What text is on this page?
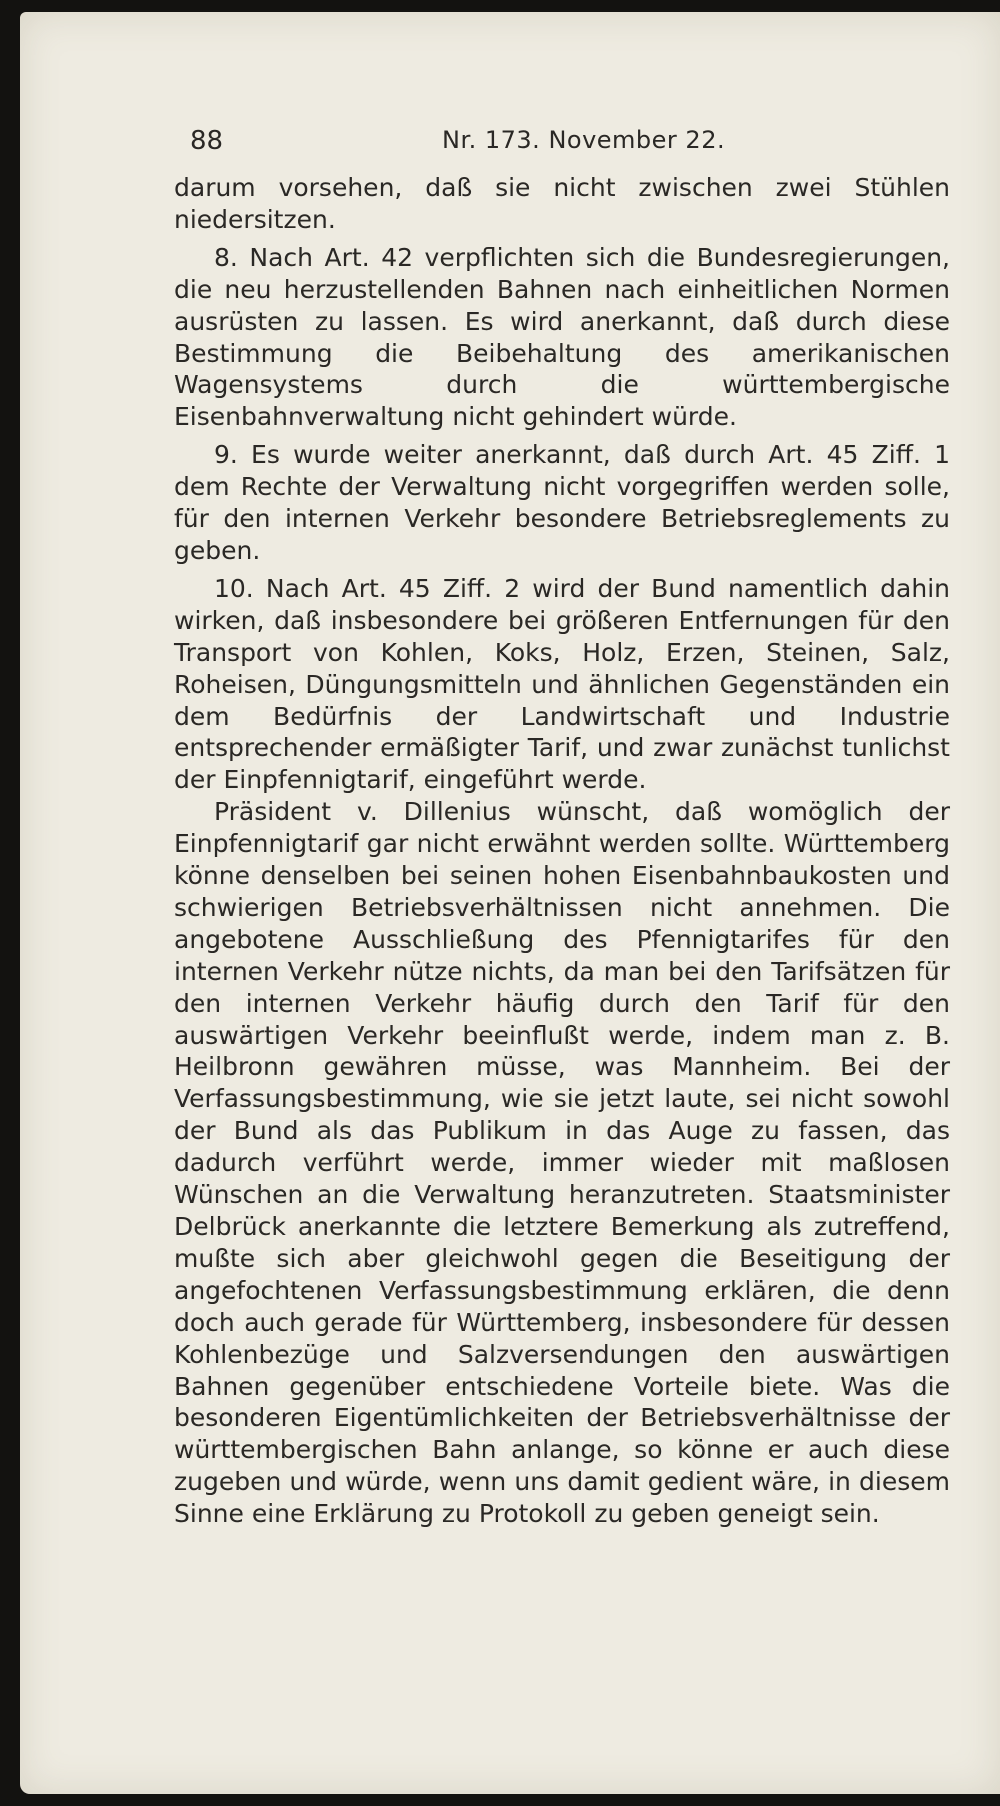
88	Nr. 173. November 22.

darum vorsehen, daß sie nicht zwischen zwei Stühlen niedersitzen.

8. Nach Art. 42 verpflichten sich die Bundesregierungen, die neu herzustellenden Bahnen nach einheitlichen Normen ausrüsten zu lassen. Es wird anerkannt, daß durch diese Bestimmung die Beibehaltung des amerikanischen Wagensystems durch die württembergische Eisenbahnverwaltung nicht gehindert würde.

9. Es wurde weiter anerkannt, daß durch Art. 45 Ziff. 1 dem Rechte der Verwaltung nicht vorgegriffen werden solle, für den internen Verkehr besondere Betriebsreglements zu geben.

10. Nach Art. 45 Ziff. 2 wird der Bund namentlich dahin wirken, daß insbesondere bei größeren Entfernungen für den Transport von Kohlen, Koks, Holz, Erzen, Steinen, Salz, Roheisen, Düngungsmitteln und ähnlichen Gegenständen ein dem Bedürfnis der Landwirtschaft und Industrie entsprechender ermäßigter Tarif, und zwar zunächst tunlichst der Einpfennigtarif, eingeführt werde.

Präsident v. Dillenius wünscht, daß womöglich der Einpfennigtarif gar nicht erwähnt werden sollte. Württemberg könne denselben bei seinen hohen Eisenbahnbaukosten und schwierigen Betriebsverhältnissen nicht annehmen. Die angebotene Ausschließung des Pfennigtarifes für den internen Verkehr nütze nichts, da man bei den Tarifsätzen für den internen Verkehr häufig durch den Tarif für den auswärtigen Verkehr beeinflußt werde, indem man z. B. Heilbronn gewähren müsse, was Mannheim. Bei der Verfassungsbestimmung, wie sie jetzt laute, sei nicht sowohl der Bund als das Publikum in das Auge zu fassen, das dadurch verführt werde, immer wieder mit maßlosen Wünschen an die Verwaltung heranzutreten. Staatsminister Delbrück anerkannte die letztere Bemerkung als zutreffend, mußte sich aber gleichwohl gegen die Beseitigung der angefochtenen Verfassungsbestimmung erklären, die denn doch auch gerade für Württemberg, insbesondere für dessen Kohlenbezüge und Salzversendungen den auswärtigen Bahnen gegenüber entschiedene Vorteile biete. Was die besonderen Eigentümlichkeiten der Betriebsverhältnisse der württembergischen Bahn anlange, so könne er auch diese zugeben und würde, wenn uns damit gedient wäre, in diesem Sinne eine Erklärung zu Protokoll zu geben geneigt sein.
